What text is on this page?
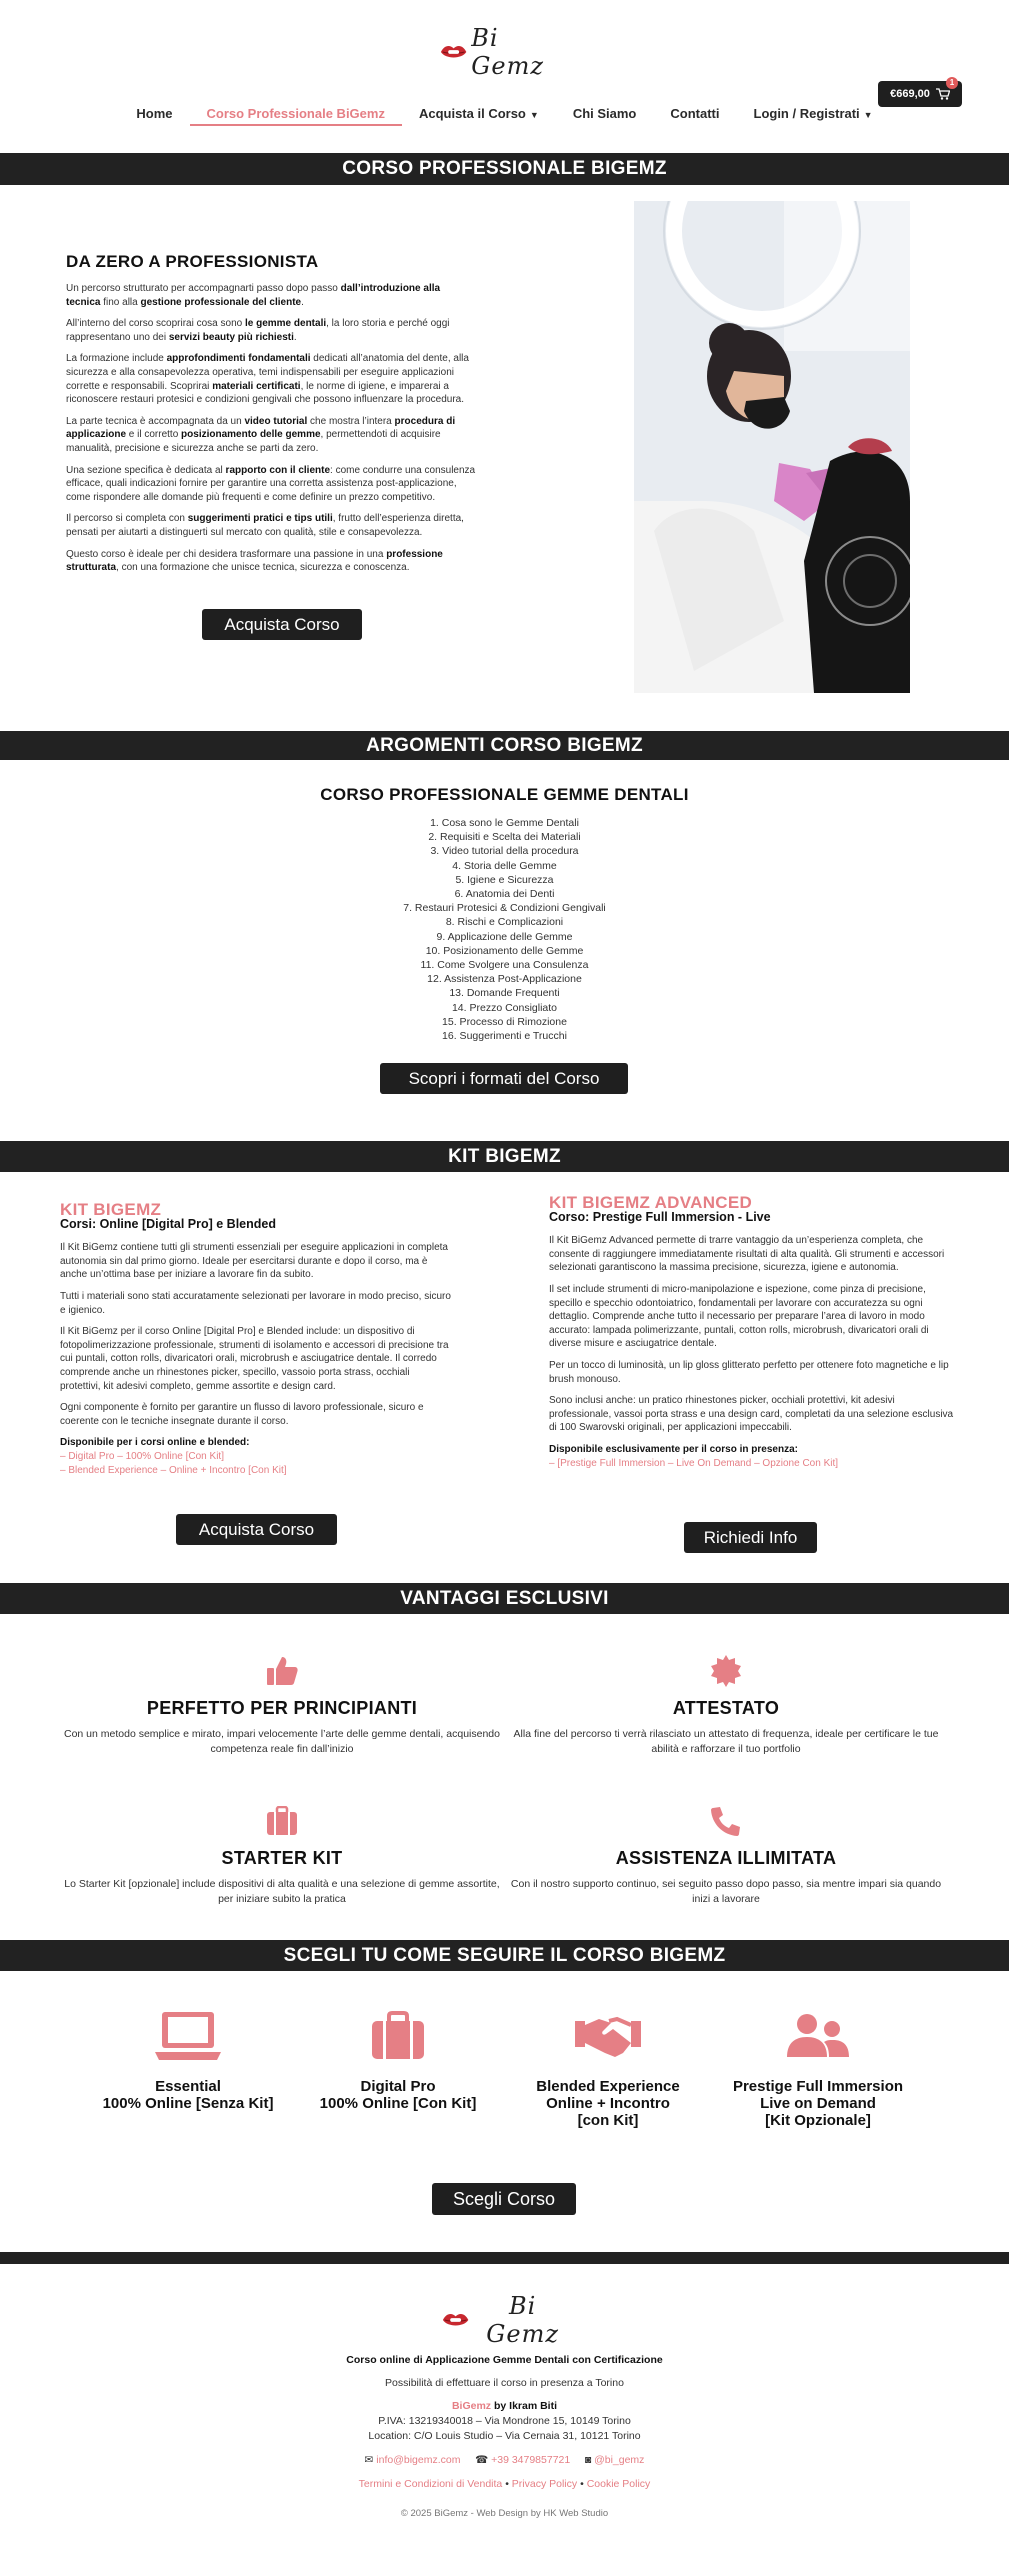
Bi Gemz
Home	Corso Professionale BiGemz	Acquista il Corso ▼	Chi Siamo	Contatti	Login / Registrati ▼
€669,00
1
CORSO PROFESSIONALE BIGEMZ
DA ZERO A PROFESSIONISTA

Un percorso strutturato per accompagnarti passo dopo passo dall’introduzione alla tecnica fino alla gestione professionale del cliente.

All’interno del corso scoprirai cosa sono le gemme dentali, la loro storia e perché oggi rappresentano uno dei servizi beauty più richiesti.

La formazione include approfondimenti fondamentali dedicati all’anatomia del dente, alla sicurezza e alla consapevolezza operativa, temi indispensabili per eseguire applicazioni corrette e responsabili. Scoprirai materiali certificati, le norme di igiene, e imparerai a riconoscere restauri protesici e condizioni gengivali che possono influenzare la procedura.

La parte tecnica è accompagnata da un video tutorial che mostra l’intera procedura di applicazione e il corretto posizionamento delle gemme, permettendoti di acquisire manualità, precisione e sicurezza anche se parti da zero.

Una sezione specifica è dedicata al rapporto con il cliente: come condurre una consulenza efficace, quali indicazioni fornire per garantire una corretta assistenza post-applicazione, come rispondere alle domande più frequenti e come definire un prezzo competitivo.

Il percorso si completa con suggerimenti pratici e tips utili, frutto dell’esperienza diretta, pensati per aiutarti a distinguerti sul mercato con qualità, stile e consapevolezza.

Questo corso è ideale per chi desidera trasformare una passione in una professione strutturata, con una formazione che unisce tecnica, sicurezza e conoscenza.

Acquista Corso
ARGOMENTI CORSO BIGEMZ
CORSO PROFESSIONALE GEMME DENTALI
1. Cosa sono le Gemme Dentali
2. Requisiti e Scelta dei Materiali
3. Video tutorial della procedura
4. Storia delle Gemme
5. Igiene e Sicurezza
6. Anatomia dei Denti
7. Restauri Protesici & Condizioni Gengivali
8. Rischi e Complicazioni
9. Applicazione delle Gemme
10. Posizionamento delle Gemme
11. Come Svolgere una Consulenza
12. Assistenza Post-Applicazione
13. Domande Frequenti
14. Prezzo Consigliato
15. Processo di Rimozione
16. Suggerimenti e Trucchi
Scopri i formati del Corso
KIT BIGEMZ
KIT BIGEMZ
Corsi: Online [Digital Pro] e Blended

Il Kit BiGemz contiene tutti gli strumenti essenziali per eseguire applicazioni in completa autonomia sin dal primo giorno. Ideale per esercitarsi durante e dopo il corso, ma è anche un’ottima base per iniziare a lavorare fin da subito.

Tutti i materiali sono stati accuratamente selezionati per lavorare in modo preciso, sicuro e igienico.

Il Kit BiGemz per il corso Online [Digital Pro] e Blended include: un dispositivo di fotopolimerizzazione professionale, strumenti di isolamento e accessori di precisione tra cui puntali, cotton rolls, divaricatori orali, microbrush e asciugatrice dentale. Il corredo comprende anche un rhinestones picker, specillo, vassoio porta strass, occhiali protettivi, kit adesivi completo, gemme assortite e design card.

Ogni componente è fornito per garantire un flusso di lavoro professionale, sicuro e coerente con le tecniche insegnate durante il corso.

Disponibile per i corsi online e blended:
– Digital Pro – 100% Online [Con Kit]
– Blended Experience – Online + Incontro [Con Kit]
Acquista Corso
KIT BIGEMZ ADVANCED
Corso: Prestige Full Immersion - Live

Il Kit BiGemz Advanced permette di trarre vantaggio da un’esperienza completa, che consente di raggiungere immediatamente risultati di alta qualità. Gli strumenti e accessori selezionati garantiscono la massima precisione, sicurezza, igiene e autonomia.

Il set include strumenti di micro-manipolazione e ispezione, come pinza di precisione, specillo e specchio odontoiatrico, fondamentali per lavorare con accuratezza su ogni dettaglio. Comprende anche tutto il necessario per preparare l’area di lavoro in modo accurato: lampada polimerizzante, puntali, cotton rolls, microbrush, divaricatori orali di diverse misure e asciugatrice dentale.

Per un tocco di luminosità, un lip gloss glitterato perfetto per ottenere foto magnetiche e lip brush monouso.

Sono inclusi anche: un pratico rhinestones picker, occhiali protettivi, kit adesivi professionale, vassoi porta strass e una design card, completati da una selezione esclusiva di 100 Swarovski originali, per applicazioni impeccabili.

Disponibile esclusivamente per il corso in presenza:
– [Prestige Full Immersion – Live On Demand – Opzione Con Kit]
Richiedi Info
VANTAGGI ESCLUSIVI
PERFETTO PER PRINCIPIANTI
Con un metodo semplice e mirato, impari velocemente l’arte delle gemme dentali, acquisendo competenza reale fin dall’inizio
ATTESTATO
Alla fine del percorso ti verrà rilasciato un attestato di frequenza, ideale per certificare le tue abilità e rafforzare il tuo portfolio
STARTER KIT
Lo Starter Kit [opzionale] include dispositivi di alta qualità e una selezione di gemme assortite, per iniziare subito la pratica
ASSISTENZA ILLIMITATA
Con il nostro supporto continuo, sei seguito passo dopo passo, sia mentre impari sia quando inizi a lavorare
SCEGLI TU COME SEGUIRE IL CORSO BIGEMZ
Essential
100% Online [Senza Kit]
Digital Pro
100% Online [Con Kit]
Blended Experience
Online + Incontro
[con Kit]
Prestige Full Immersion
Live on Demand
[Kit Opzionale]
Scegli Corso
Bi Gemz
Corso online di Applicazione Gemme Dentali con Certificazione
Possibilità di effettuare il corso in presenza a Torino
BiGemz by Ikram Biti
P.IVA: 13219340018 – Via Mondrone 15, 10149 Torino
Location: C/O Louis Studio – Via Cernaia 31, 10121 Torino
✉ info@bigemz.com ☎ +39 3479857721 ◙ @bi_gemz
Termini e Condizioni di Vendita • Privacy Policy • Cookie Policy
© 2025 BiGemz - Web Design by HK Web Studio
